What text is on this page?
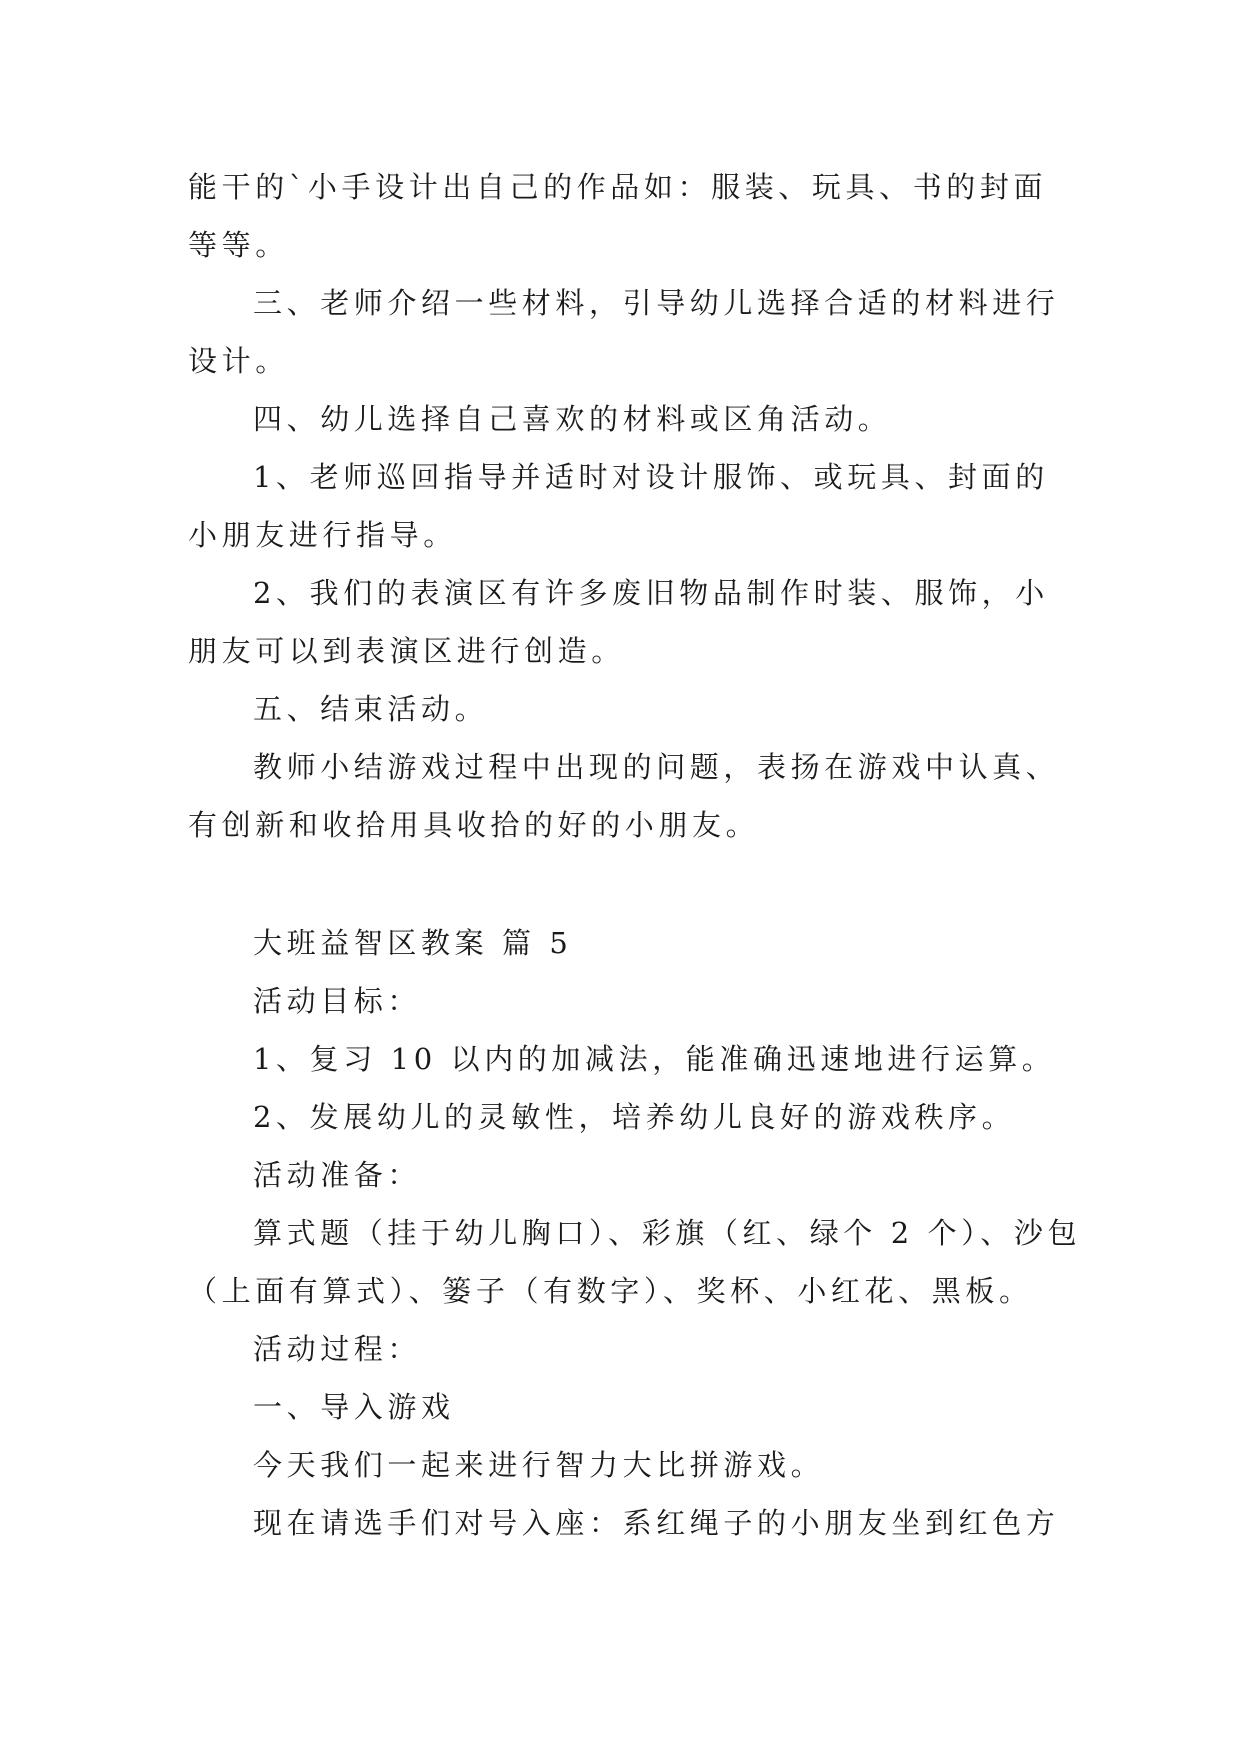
能干的`小手设计出自己的作品如：服装、玩具、书的封面
等等。
三、老师介绍一些材料，引导幼儿选择合适的材料进行
设计。
四、幼儿选择自己喜欢的材料或区角活动。
1、老师巡回指导并适时对设计服饰、或玩具、封面的
小朋友进行指导。
2、我们的表演区有许多废旧物品制作时装、服饰，小
朋友可以到表演区进行创造。
五、结束活动。
教师小结游戏过程中出现的问题，表扬在游戏中认真、
有创新和收拾用具收拾的好的小朋友。
大班益智区教案 篇 5
活动目标：
1、复习 10 以内的加减法，能准确迅速地进行运算。
2、发展幼儿的灵敏性，培养幼儿良好的游戏秩序。
活动准备：
算式题（挂于幼儿胸口）、彩旗（红、绿个 2 个）、沙包
（上面有算式）、篓子（有数字）、奖杯、小红花、黑板。
活动过程：
一、导入游戏
今天我们一起来进行智力大比拼游戏。
现在请选手们对号入座：系红绳子的小朋友坐到红色方
